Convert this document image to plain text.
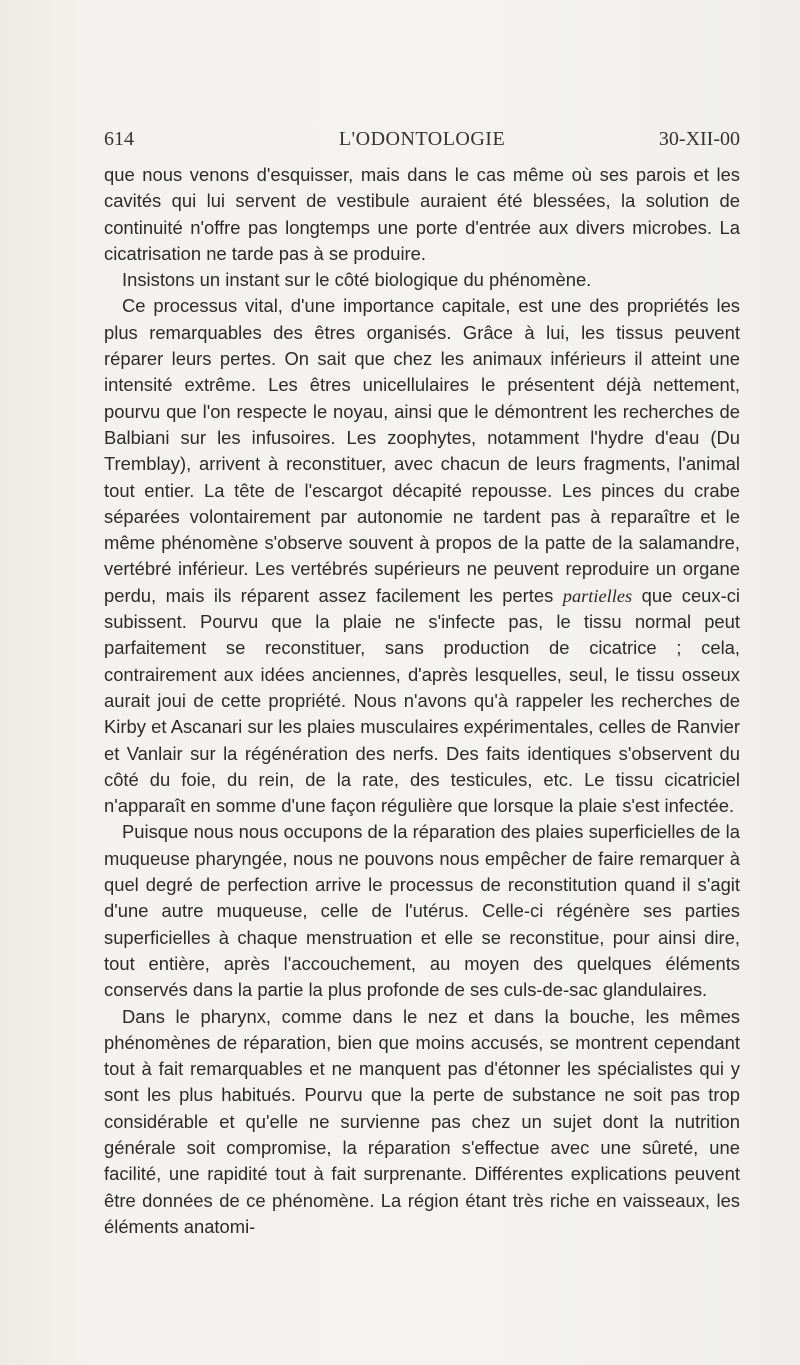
614	L'ODONTOLOGIE	30-XII-00

que nous venons d'esquisser, mais dans le cas même où ses parois et les cavités qui lui servent de vestibule auraient été blessées, la solution de continuité n'offre pas longtemps une porte d'entrée aux divers microbes. La cicatrisation ne tarde pas à se produire.

Insistons un instant sur le côté biologique du phénomène.

Ce processus vital, d'une importance capitale, est une des propriétés les plus remarquables des êtres organisés. Grâce à lui, les tissus peuvent réparer leurs pertes. On sait que chez les animaux inférieurs il atteint une intensité extrême. Les êtres unicellulaires le présentent déjà nettement, pourvu que l'on respecte le noyau, ainsi que le démontrent les recherches de Balbiani sur les infusoires. Les zoophytes, notamment l'hydre d'eau (Du Tremblay), arrivent à reconstituer, avec chacun de leurs fragments, l'animal tout entier. La tête de l'escargot décapité repousse. Les pinces du crabe séparées volontairement par autonomie ne tardent pas à reparaître et le même phénomène s'observe souvent à propos de la patte de la salamandre, vertébré inférieur. Les vertébrés supérieurs ne peuvent reproduire un organe perdu, mais ils réparent assez facilement les pertes partielles que ceux-ci subissent. Pourvu que la plaie ne s'infecte pas, le tissu normal peut parfaitement se reconstituer, sans production de cicatrice ; cela, contrairement aux idées anciennes, d'après lesquelles, seul, le tissu osseux aurait joui de cette propriété. Nous n'avons qu'à rappeler les recherches de Kirby et Ascanari sur les plaies musculaires expérimentales, celles de Ranvier et Vanlair sur la régénération des nerfs. Des faits identiques s'observent du côté du foie, du rein, de la rate, des testicules, etc. Le tissu cicatriciel n'apparaît en somme d'une façon régulière que lorsque la plaie s'est infectée.

Puisque nous nous occupons de la réparation des plaies superficielles de la muqueuse pharyngée, nous ne pouvons nous empêcher de faire remarquer à quel degré de perfection arrive le processus de reconstitution quand il s'agit d'une autre muqueuse, celle de l'utérus. Celle-ci régénère ses parties superficielles à chaque menstruation et elle se reconstitue, pour ainsi dire, tout entière, après l'accouchement, au moyen des quelques éléments conservés dans la partie la plus profonde de ses culs-de-sac glandulaires.

Dans le pharynx, comme dans le nez et dans la bouche, les mêmes phénomènes de réparation, bien que moins accusés, se montrent cependant tout à fait remarquables et ne manquent pas d'étonner les spécialistes qui y sont les plus habitués. Pourvu que la perte de substance ne soit pas trop considérable et qu'elle ne survienne pas chez un sujet dont la nutrition générale soit compromise, la réparation s'effectue avec une sûreté, une facilité, une rapidité tout à fait surprenante. Différentes explications peuvent être données de ce phénomène. La région étant très riche en vaisseaux, les éléments anatomi-
